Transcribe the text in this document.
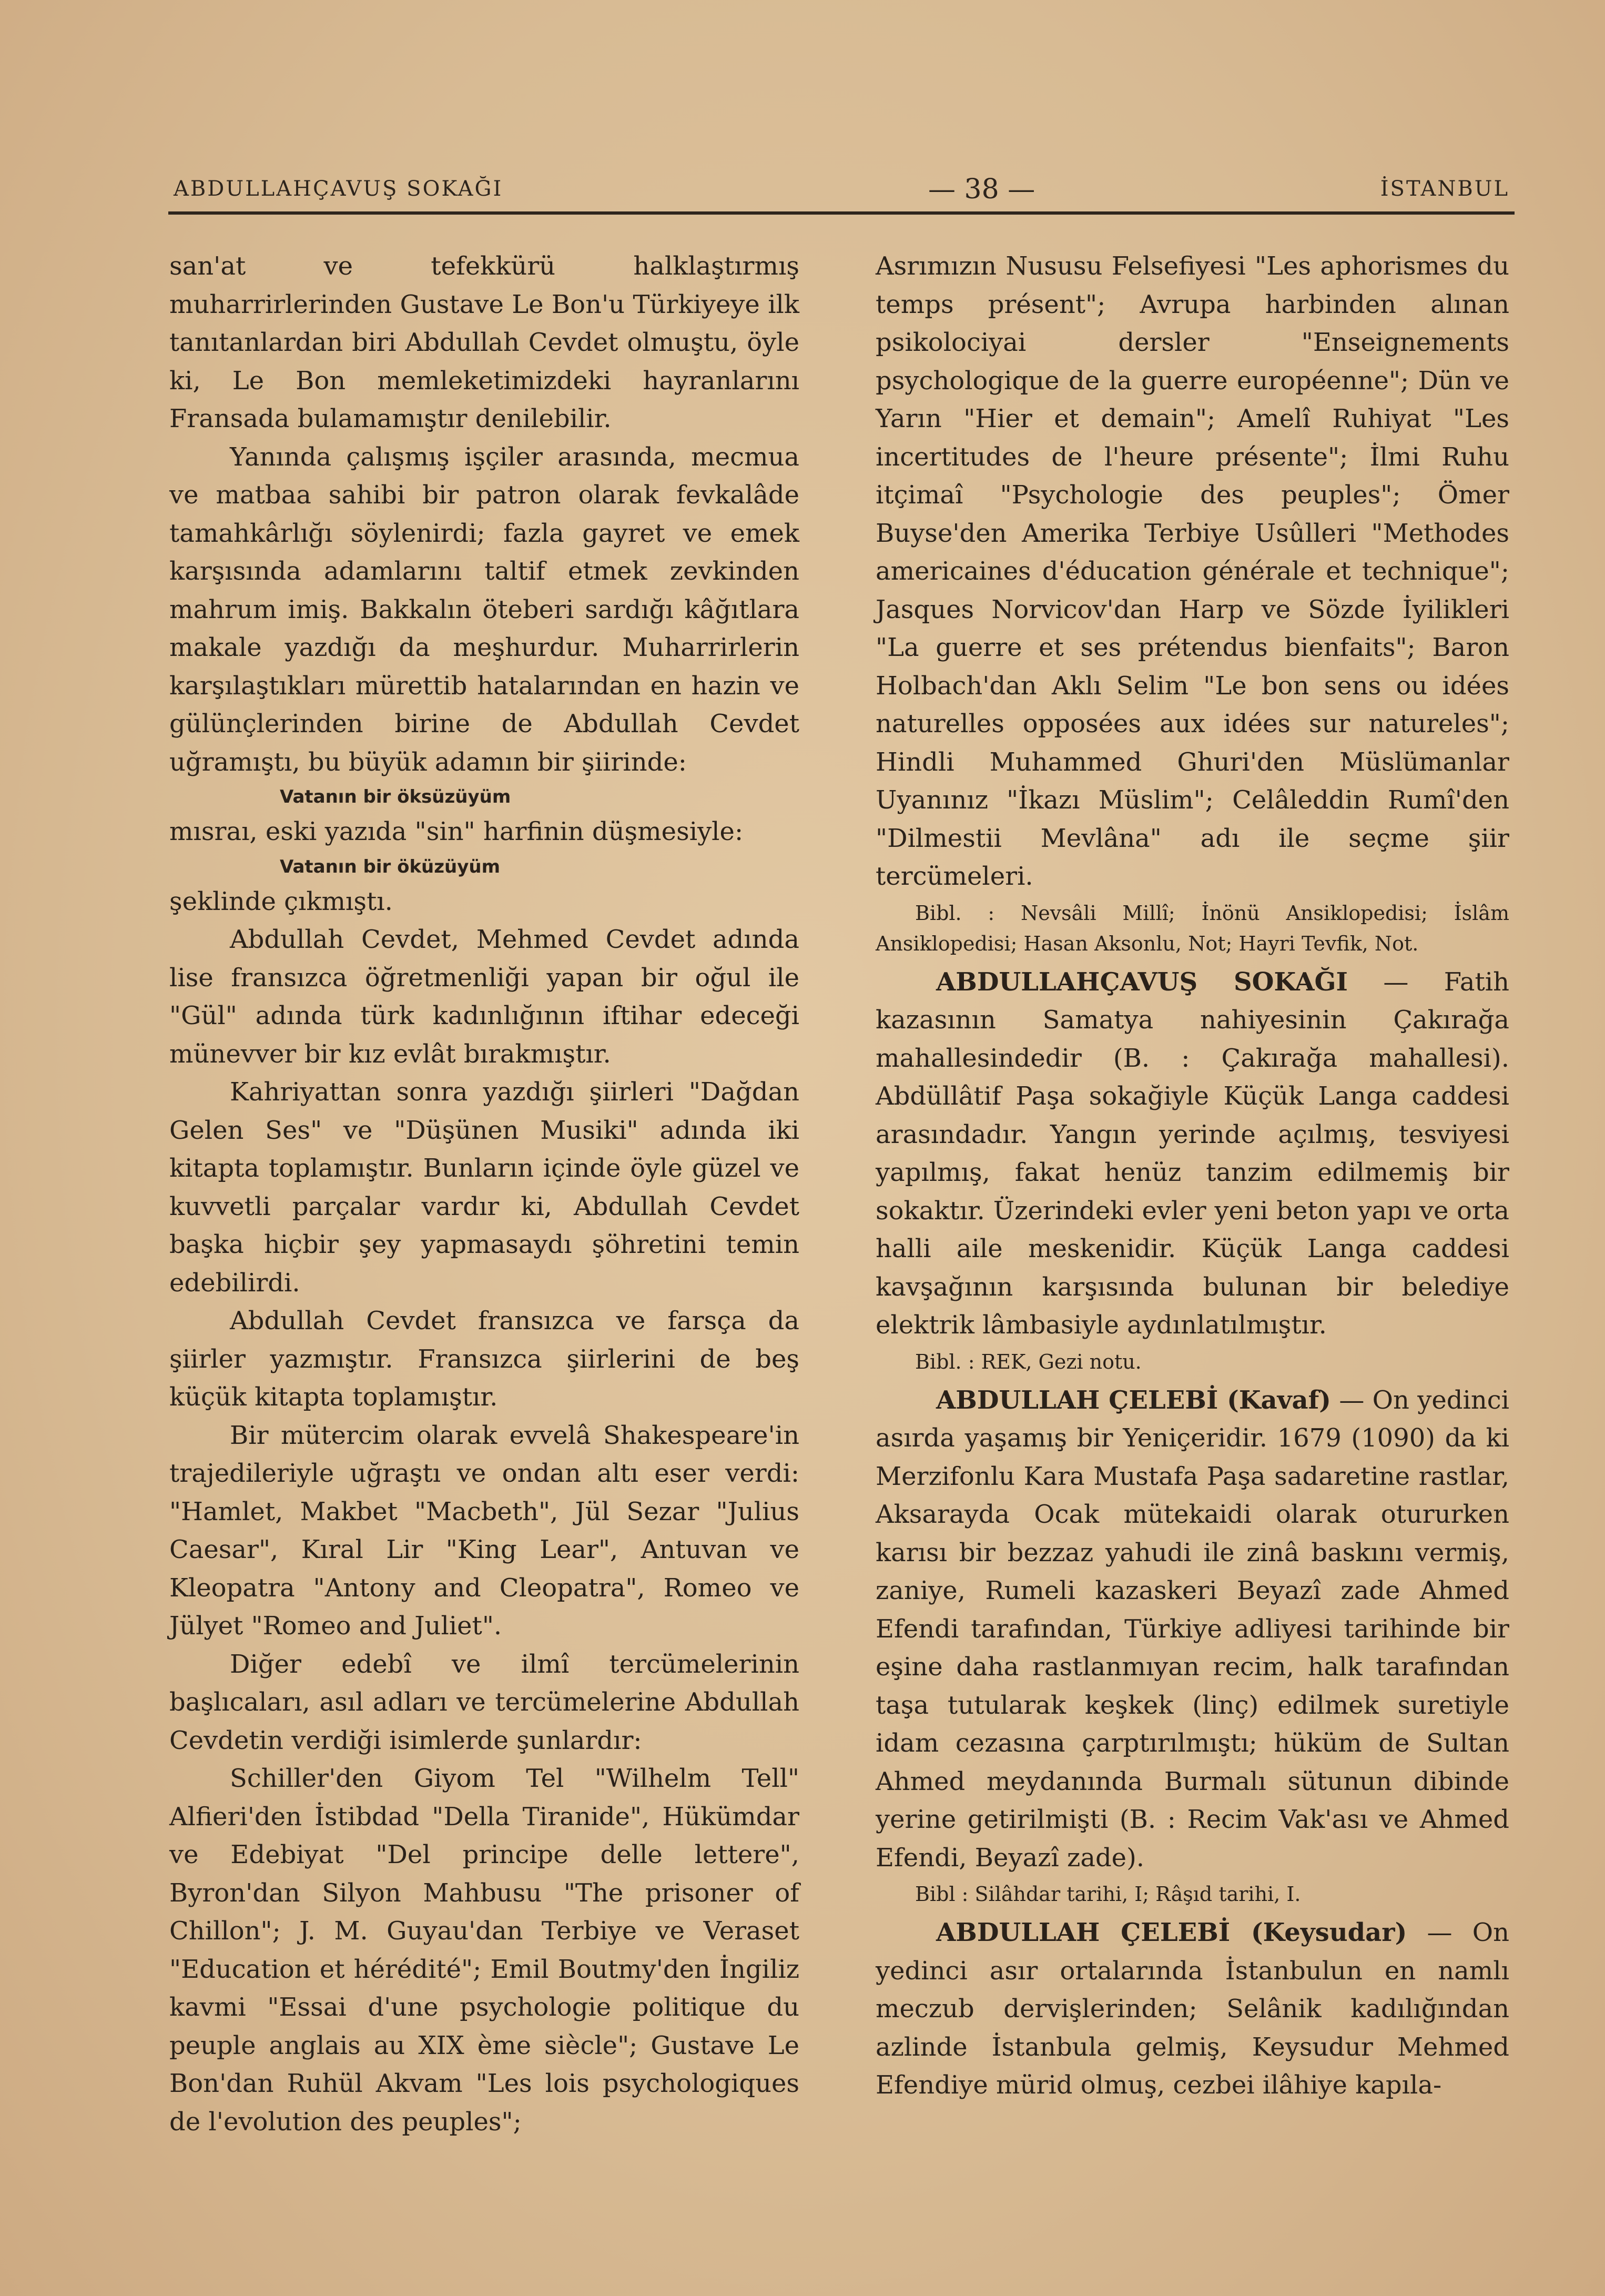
ABDULLAHÇAVUŞ SOKAĞI	— 38 —	İSTANBUL

san'at ve tefekkürü halklaştırmış muharrirlerinden Gustave Le Bon'u Türkiyeye ilk tanıtanlardan biri Abdullah Cevdet olmuştu, öyle ki, Le Bon memleketimizdeki hayranlarını Fransada bulamamıştır denilebilir.

Yanında çalışmış işçiler arasında, mecmua ve matbaa sahibi bir patron olarak fevkalâde tamahkârlığı söylenirdi; fazla gayret ve emek karşısında adamlarını taltif etmek zevkinden mahrum imiş. Bakkalın öteberi sardığı kâğıtlara makale yazdığı da meşhurdur. Muharrirlerin karşılaştıkları mürettib hatalarından en hazin ve gülünçlerinden birine de Abdullah Cevdet uğramıştı, bu büyük adamın bir şiirinde:

Vatanın bir öksüzüyüm

mısraı, eski yazıda "sin" harfinin düşmesiyle:

Vatanın bir öküzüyüm

şeklinde çıkmıştı.

Abdullah Cevdet, Mehmed Cevdet adında lise fransızca öğretmenliği yapan bir oğul ile "Gül" adında türk kadınlığının iftihar edeceği münevver bir kız evlât bırakmıştır.

Kahriyattan sonra yazdığı şiirleri "Dağdan Gelen Ses" ve "Düşünen Musiki" adında iki kitapta toplamıştır. Bunların içinde öyle güzel ve kuvvetli parçalar vardır ki, Abdullah Cevdet başka hiçbir şey yapmasaydı şöhretini temin edebilirdi.

Abdullah Cevdet fransızca ve farsça da şiirler yazmıştır. Fransızca şiirlerini de beş küçük kitapta toplamıştır.

Bir mütercim olarak evvelâ Shakespeare'in trajedileriyle uğraştı ve ondan altı eser verdi: "Hamlet, Makbet "Macbeth", Jül Sezar "Julius Caesar", Kıral Lir "King Lear", Antuvan ve Kleopatra "Antony and Cleopatra", Romeo ve Jülyet "Romeo and Juliet".

Diğer edebî ve ilmî tercümelerinin başlıcaları, asıl adları ve tercümelerine Abdullah Cevdetin verdiği isimlerde şunlardır:

Schiller'den Giyom Tel "Wilhelm Tell" Alfieri'den İstibdad "Della Tiranide", Hükümdar ve Edebiyat "Del principe delle lettere", Byron'dan Silyon Mahbusu "The prisoner of Chillon"; J. M. Guyau'dan Terbiye ve Veraset "Education et hérédité"; Emil Boutmy'den İngiliz kavmi "Essai d'une psychologie politique du peuple anglais au XIX ème siècle"; Gustave Le Bon'dan Ruhül Akvam "Les lois psychologiques de l'evolution des peuples";

Asrımızın Nususu Felsefiyesi "Les aphorismes du temps présent"; Avrupa harbinden alınan psikolociyai dersler "Enseignements psychologique de la guerre européenne"; Dün ve Yarın "Hier et demain"; Amelî Ruhiyat "Les incertitudes de l'heure présente"; İlmi Ruhu itçimaî "Psychologie des peuples"; Ömer Buyse'den Amerika Terbiye Usûlleri "Methodes americaines d'éducation générale et technique"; Jasques Norvicov'dan Harp ve Sözde İyilikleri "La guerre et ses prétendus bienfaits"; Baron Holbach'dan Aklı Selim "Le bon sens ou idées naturelles opposées aux idées sur natureles"; Hindli Muhammed Ghuri'den Müslümanlar Uyanınız "İkazı Müslim"; Celâleddin Rumî'den "Dilmestii Mevlâna" adı ile seçme şiir tercümeleri.

Bibl. : Nevsâli Millî; İnönü Ansiklopedisi; İslâm Ansiklopedisi; Hasan Aksonlu, Not; Hayri Tevfik, Not.

ABDULLAHÇAVUŞ SOKAĞI — Fatih kazasının Samatya nahiyesinin Çakırağa mahallesindedir (B. : Çakırağa mahallesi). Abdüllâtif Paşa sokağiyle Küçük Langa caddesi arasındadır. Yangın yerinde açılmış, tesviyesi yapılmış, fakat henüz tanzim edilmemiş bir sokaktır. Üzerindeki evler yeni beton yapı ve orta halli aile meskenidir. Küçük Langa caddesi kavşağının karşısında bulunan bir belediye elektrik lâmbasiyle aydınlatılmıştır.

Bibl. : REK, Gezi notu.

ABDULLAH ÇELEBİ (Kavaf) — On yedinci asırda yaşamış bir Yeniçeridir. 1679 (1090) da ki Merzifonlu Kara Mustafa Paşa sadaretine rastlar, Aksarayda Ocak mütekaidi olarak otururken karısı bir bezzaz yahudi ile zinâ baskını vermiş, zaniye, Rumeli kazaskeri Beyazî zade Ahmed Efendi tarafından, Türkiye adliyesi tarihinde bir eşine daha rastlanmıyan recim, halk tarafından taşa tutularak keşkek (linç) edilmek suretiyle idam cezasına çarptırılmıştı; hüküm de Sultan Ahmed meydanında Burmalı sütunun dibinde yerine getirilmişti (B. : Recim Vak'ası ve Ahmed Efendi, Beyazî zade).

Bibl : Silâhdar tarihi, I; Râşıd tarihi, I.

ABDULLAH ÇELEBİ (Keysudar) — On yedinci asır ortalarında İstanbulun en namlı meczub dervişlerinden; Selânik kadılığından azlinde İstanbula gelmiş, Keysudur Mehmed Efendiye mürid olmuş, cezbei ilâhiye kapıla-
